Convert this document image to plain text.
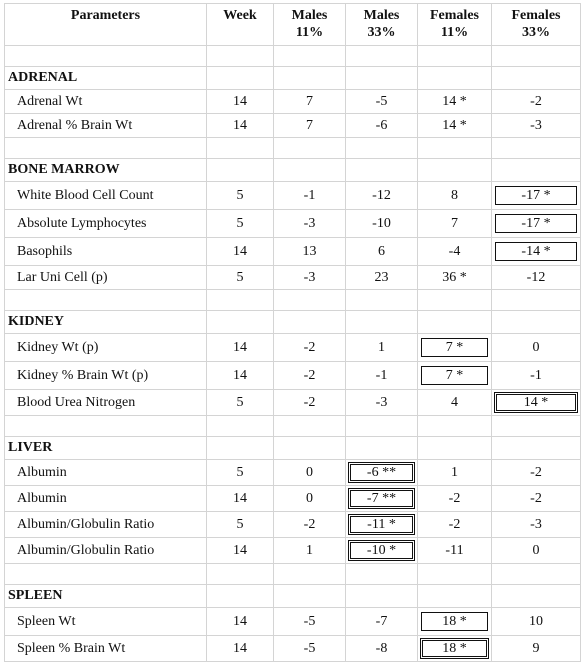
Parameters	Week	Males 11%	Males 33%	Females 11%	Females 33%

ADRENAL					
Adrenal Wt	14	7	-5	14 *	-2
Adrenal % Brain Wt	14	7	-6	14 *	-3

BONE MARROW					
White Blood Cell Count	5	-1	-12	8	-17 *

Absolute Lymphocytes	5	-3	-10	7	-17 *

Basophils	14	13	6	-4	-14 *

Lar Uni Cell (p)	5	-3	23	36 *	-12

KIDNEY					
Kidney Wt (p)	14	-2	1	7 *	0
Kidney % Brain Wt (p)	14	-2	-1	7 *	-1
Blood Urea Nitrogen	5	-2	-3	4	14 *

LIVER					
Albumin	5	0	-6 **	1	-2
Albumin	14	0	-7 **	-2	-2
Albumin/Globulin Ratio	5	-2	-11 *	-2	-3
Albumin/Globulin Ratio	14	1	-10 *	-11	0

SPLEEN					
Spleen Wt	14	-5	-7	18 *	10
Spleen % Brain Wt	14	-5	-8	18 *	9
